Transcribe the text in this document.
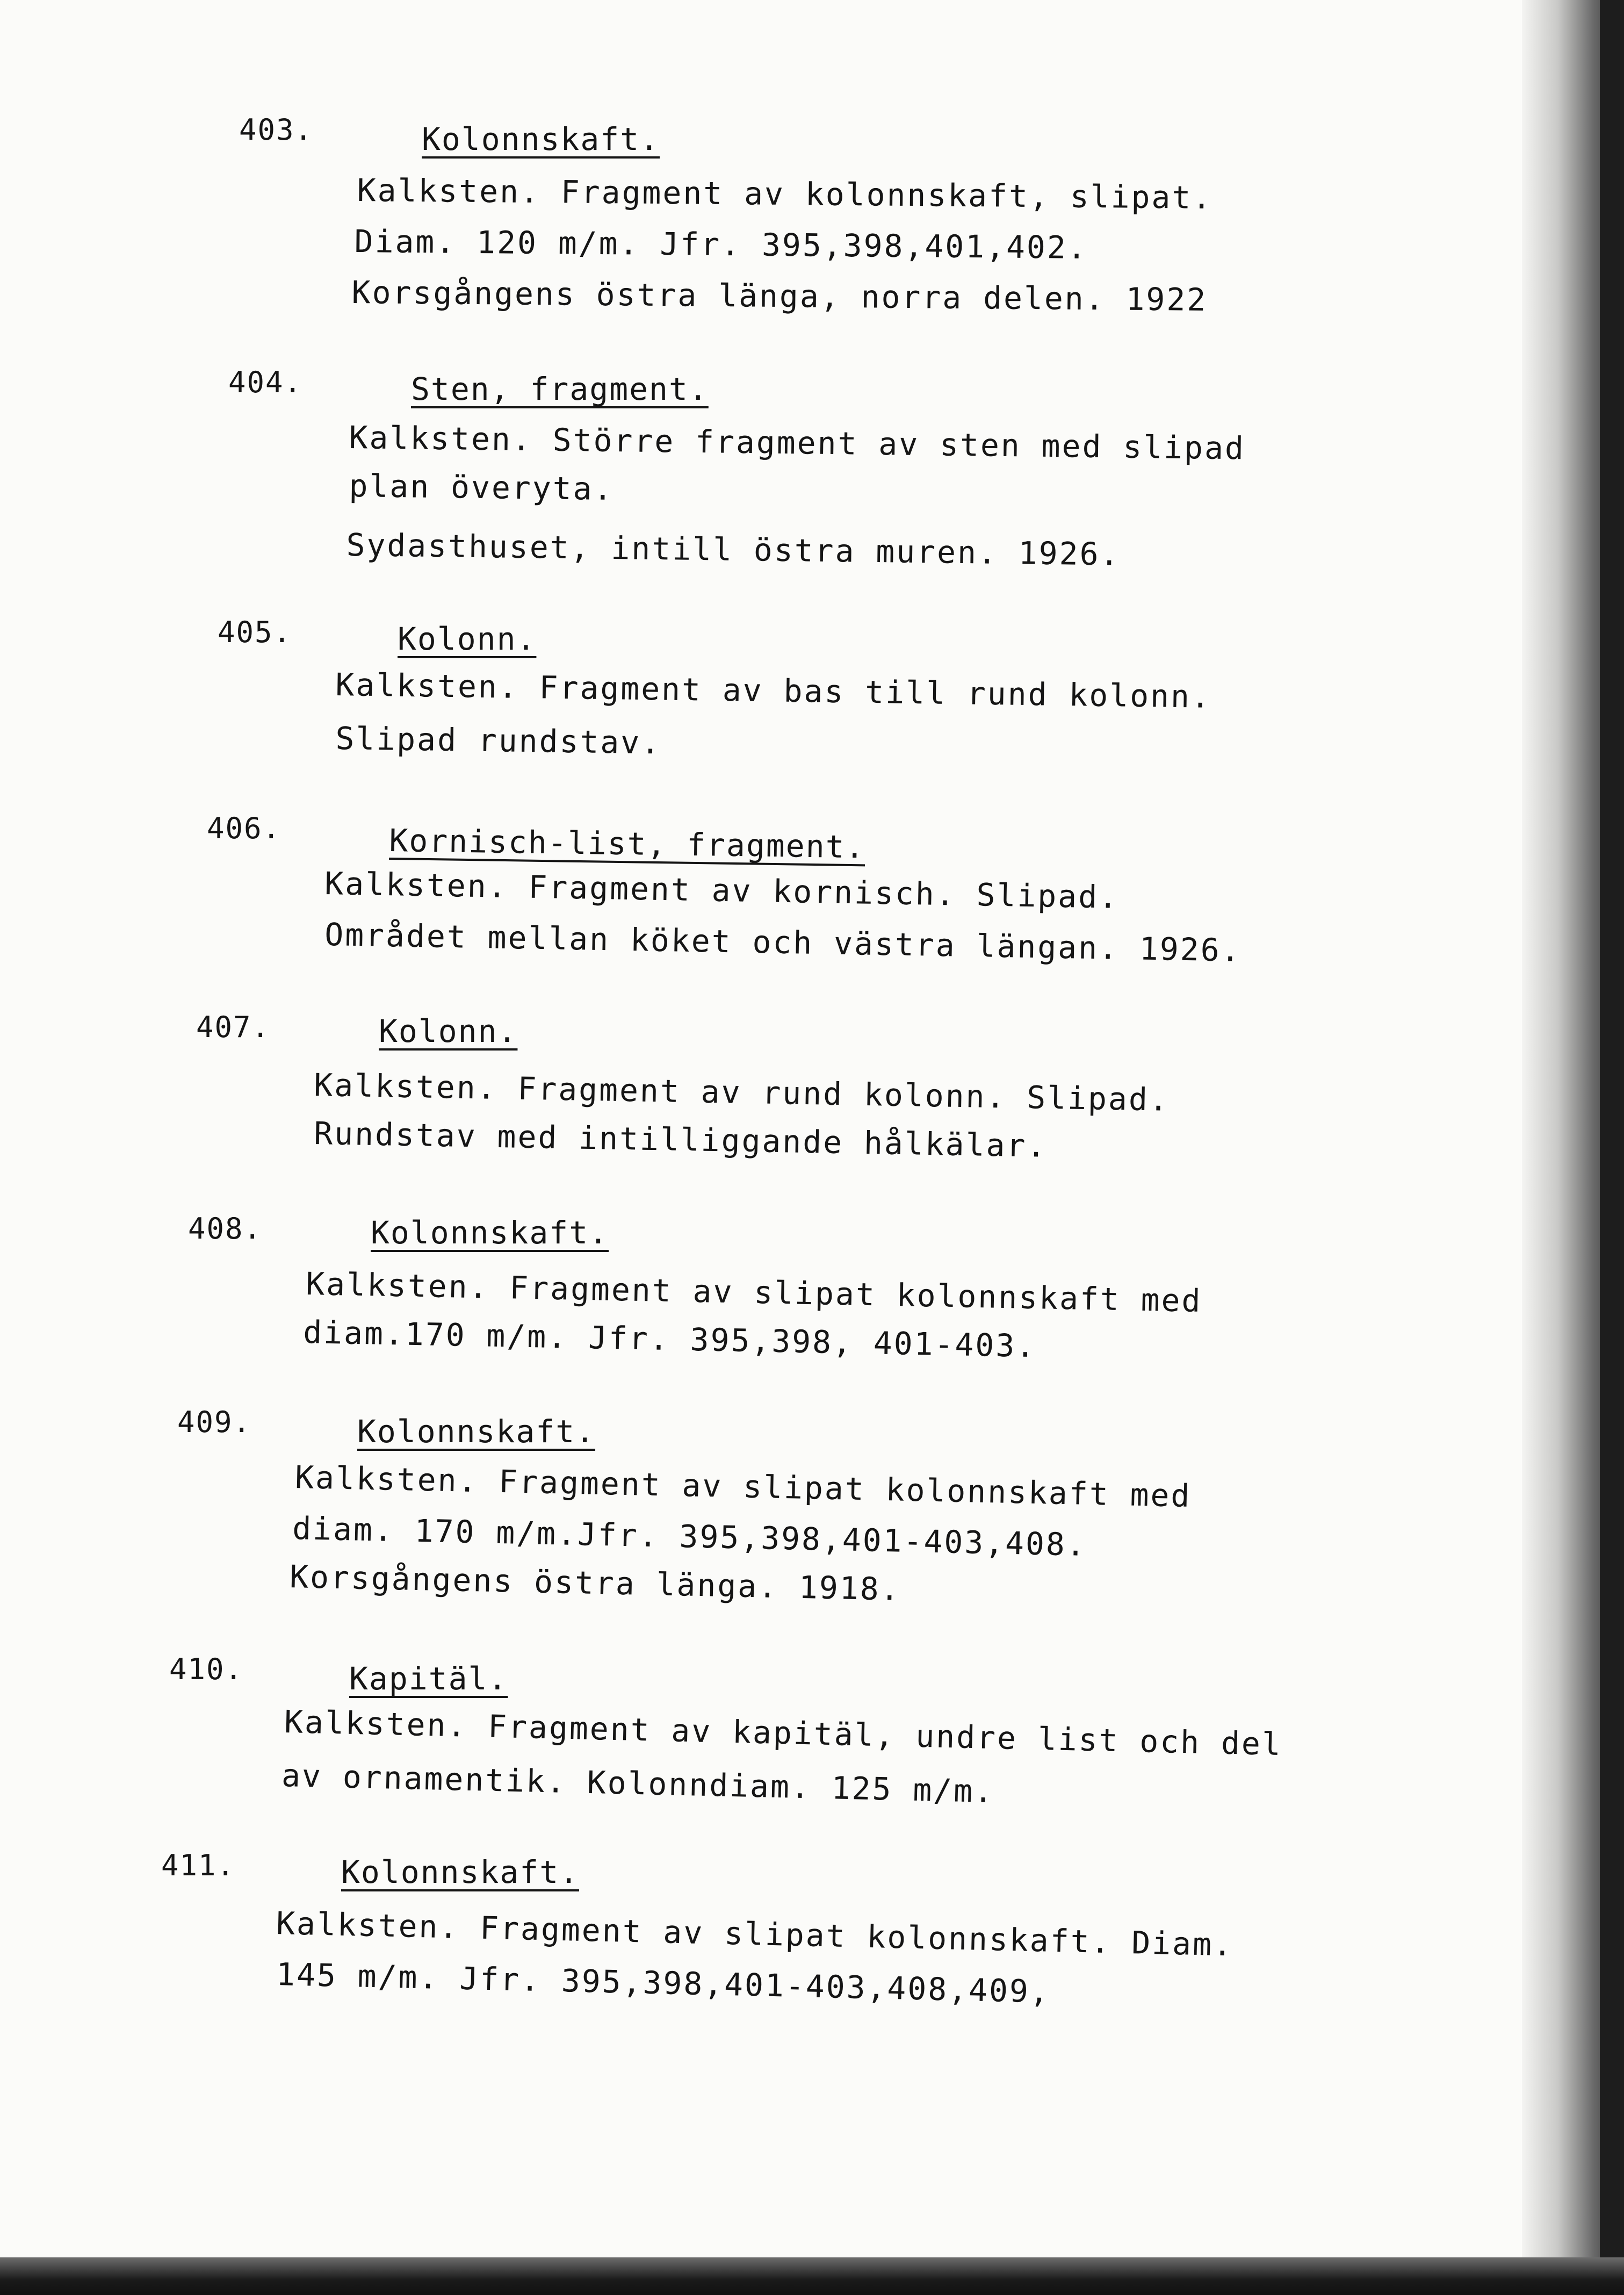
403.	Kolonnskaft.
Kalksten. Fragment av kolonnskaft, slipat.
Diam. 120 m/m. Jfr. 395,398,401,402.
Korsgångens östra länga, norra delen. 1922
404.	Sten, fragment.
Kalksten. Större fragment av sten med slipad
plan överyta.
Sydasthuset, intill östra muren. 1926.
405.	Kolonn.
Kalksten. Fragment av bas till rund kolonn.
Slipad rundstav.
406.	Kornisch-list, fragment.
Kalksten. Fragment av kornisch. Slipad.
Området mellan köket och västra längan. 1926.
407.	Kolonn.
Kalksten. Fragment av rund kolonn. Slipad.
Rundstav med intilliggande hålkälar.
408.	Kolonnskaft.
Kalksten. Fragment av slipat kolonnskaft med
diam.170 m/m. Jfr. 395,398, 401-403.
409.	Kolonnskaft.
Kalksten. Fragment av slipat kolonnskaft med
diam. 170 m/m.Jfr. 395,398,401-403,408.
Korsgångens östra länga. 1918.
410.	Kapitäl.
Kalksten. Fragment av kapitäl, undre list och del
av ornamentik. Kolonndiam. 125 m/m.
411.	Kolonnskaft.
Kalksten. Fragment av slipat kolonnskaft. Diam.
145 m/m. Jfr. 395,398,401-403,408,409,
